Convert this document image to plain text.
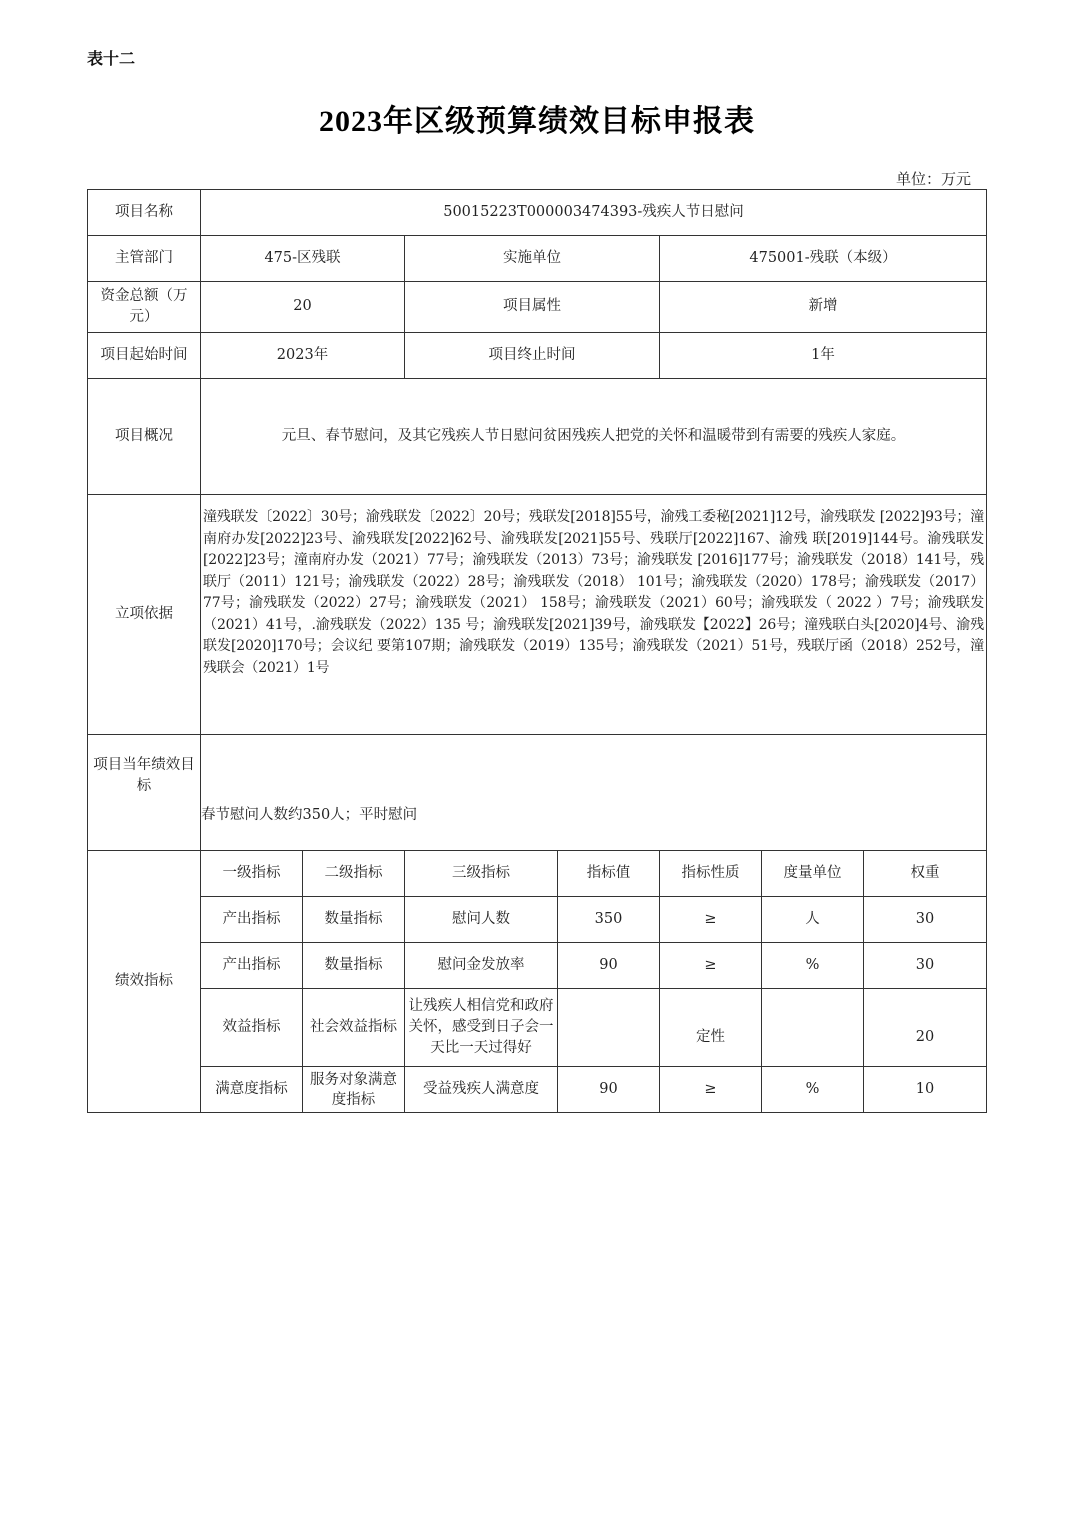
表十二
2023年区级预算绩效目标申报表
单位：万元
项目名称	50015223T000003474393-残疾人节日慰问						
主管部门	475-区残联		实施单位		475001-残联（本级）		
资金总额（万元）	20		项目属性		新增		
项目起始时间	2023年		项目终止时间		1年		
项目概况	元旦、春节慰问，及其它残疾人节日慰问贫困残疾人把党的关怀和温暖带到有需要的残疾人家庭。						
立项依据	潼残联发〔2022〕30号；渝残联发〔2022〕20号；残联发[2018]55号，渝残工委秘[2021]12号，渝残联发 [2022]93号；潼南府办发[2022]23号、渝残联发[2022]62号、渝残联发[2021]55号、残联厅[2022]167、渝残 联[2019]144号。渝残联发[2022]23号；潼南府办发（2021）77号；渝残联发（2013）73号；渝残联发 [2016]177号；渝残联发（2018）141号，残联厅（2011）121号；渝残联发（2022）28号；渝残联发（2018） 101号；渝残联发（2020）178号；渝残联发（2017）77号；渝残联发（2022）27号；渝残联发（2021） 158号；渝残联发（2021）60号；渝残联发（ 2022 ）7号；渝残联发（2021）41号，.渝残联发（2022）135 号；渝残联发[2021]39号，渝残联发【2022】26号；潼残联白头[2020]4号、渝残联发[2020]170号；会议纪 要第107期；渝残联发（2019）135号；渝残联发（2021）51号，残联厅函（2018）252号，潼残联会（2021）1号						
项目当年绩效目标	春节慰问人数约350人；平时慰问						
绩效指标	一级指标	二级指标	三级指标	指标值	指标性质	度量单位	权重
	产出指标	数量指标	慰问人数	350	≥	人	30
	产出指标	数量指标	慰问金发放率	90	≥	%	30
	效益指标	社会效益指标	让残疾人相信党和政府关怀，感受到日子会一天比一天过得好		定性		20
	满意度指标	服务对象满意度指标	受益残疾人满意度	90	≥	%	10
